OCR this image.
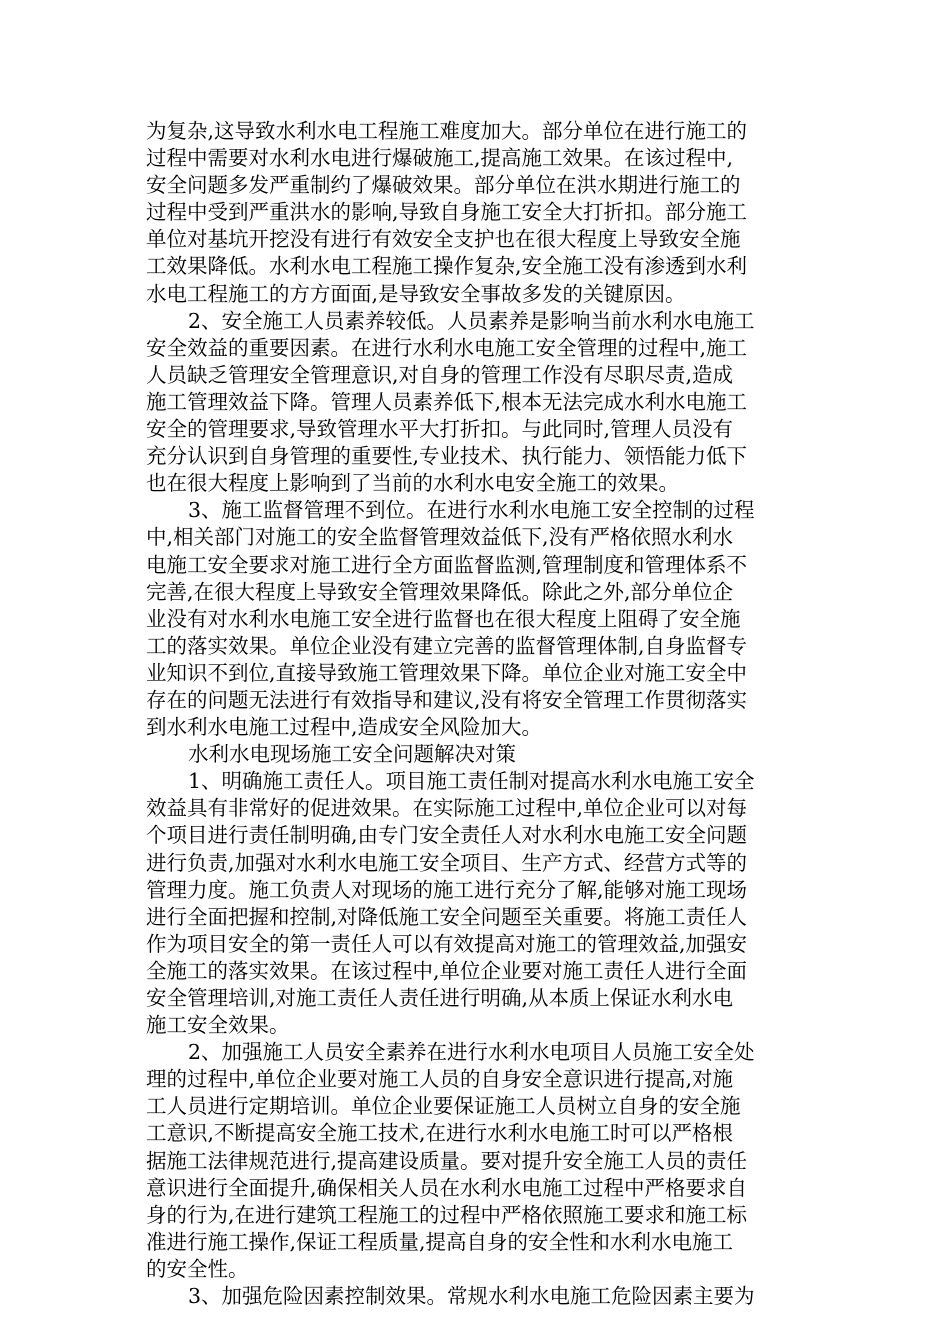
为复杂,这导致水利水电工程施工难度加大。部分单位在进行施工的
过程中需要对水利水电进行爆破施工,提高施工效果。在该过程中,
安全问题多发严重制约了爆破效果。部分单位在洪水期进行施工的
过程中受到严重洪水的影响,导致自身施工安全大打折扣。部分施工
单位对基坑开挖没有进行有效安全支护也在很大程度上导致安全施
工效果降低。水利水电工程施工操作复杂,安全施工没有渗透到水利
水电工程施工的方方面面,是导致安全事故多发的关键原因。
2、安全施工人员素养较低。人员素养是影响当前水利水电施工
安全效益的重要因素。在进行水利水电施工安全管理的过程中,施工
人员缺乏管理安全管理意识,对自身的管理工作没有尽职尽责,造成
施工管理效益下降。管理人员素养低下,根本无法完成水利水电施工
安全的管理要求,导致管理水平大打折扣。与此同时,管理人员没有
充分认识到自身管理的重要性,专业技术、执行能力、领悟能力低下
也在很大程度上影响到了当前的水利水电安全施工的效果。
3、施工监督管理不到位。在进行水利水电施工安全控制的过程
中,相关部门对施工的安全监督管理效益低下,没有严格依照水利水
电施工安全要求对施工进行全方面监督监测,管理制度和管理体系不
完善,在很大程度上导致安全管理效果降低。除此之外,部分单位企
业没有对水利水电施工安全进行监督也在很大程度上阻碍了安全施
工的落实效果。单位企业没有建立完善的监督管理体制,自身监督专
业知识不到位,直接导致施工管理效果下降。单位企业对施工安全中
存在的问题无法进行有效指导和建议,没有将安全管理工作贯彻落实
到水利水电施工过程中,造成安全风险加大。
水利水电现场施工安全问题解决对策
1、明确施工责任人。项目施工责任制对提高水利水电施工安全
效益具有非常好的促进效果。在实际施工过程中,单位企业可以对每
个项目进行责任制明确,由专门安全责任人对水利水电施工安全问题
进行负责,加强对水利水电施工安全项目、生产方式、经营方式等的
管理力度。施工负责人对现场的施工进行充分了解,能够对施工现场
进行全面把握和控制,对降低施工安全问题至关重要。将施工责任人
作为项目安全的第一责任人可以有效提高对施工的管理效益,加强安
全施工的落实效果。在该过程中,单位企业要对施工责任人进行全面
安全管理培训,对施工责任人责任进行明确,从本质上保证水利水电
施工安全效果。
2、加强施工人员安全素养在进行水利水电项目人员施工安全处
理的过程中,单位企业要对施工人员的自身安全意识进行提高,对施
工人员进行定期培训。单位企业要保证施工人员树立自身的安全施
工意识,不断提高安全施工技术,在进行水利水电施工时可以严格根
据施工法律规范进行,提高建设质量。要对提升安全施工人员的责任
意识进行全面提升,确保相关人员在水利水电施工过程中严格要求自
身的行为,在进行建筑工程施工的过程中严格依照施工要求和施工标
准进行施工操作,保证工程质量,提高自身的安全性和水利水电施工
的安全性。
3、加强危险因素控制效果。常规水利水电施工危险因素主要为
